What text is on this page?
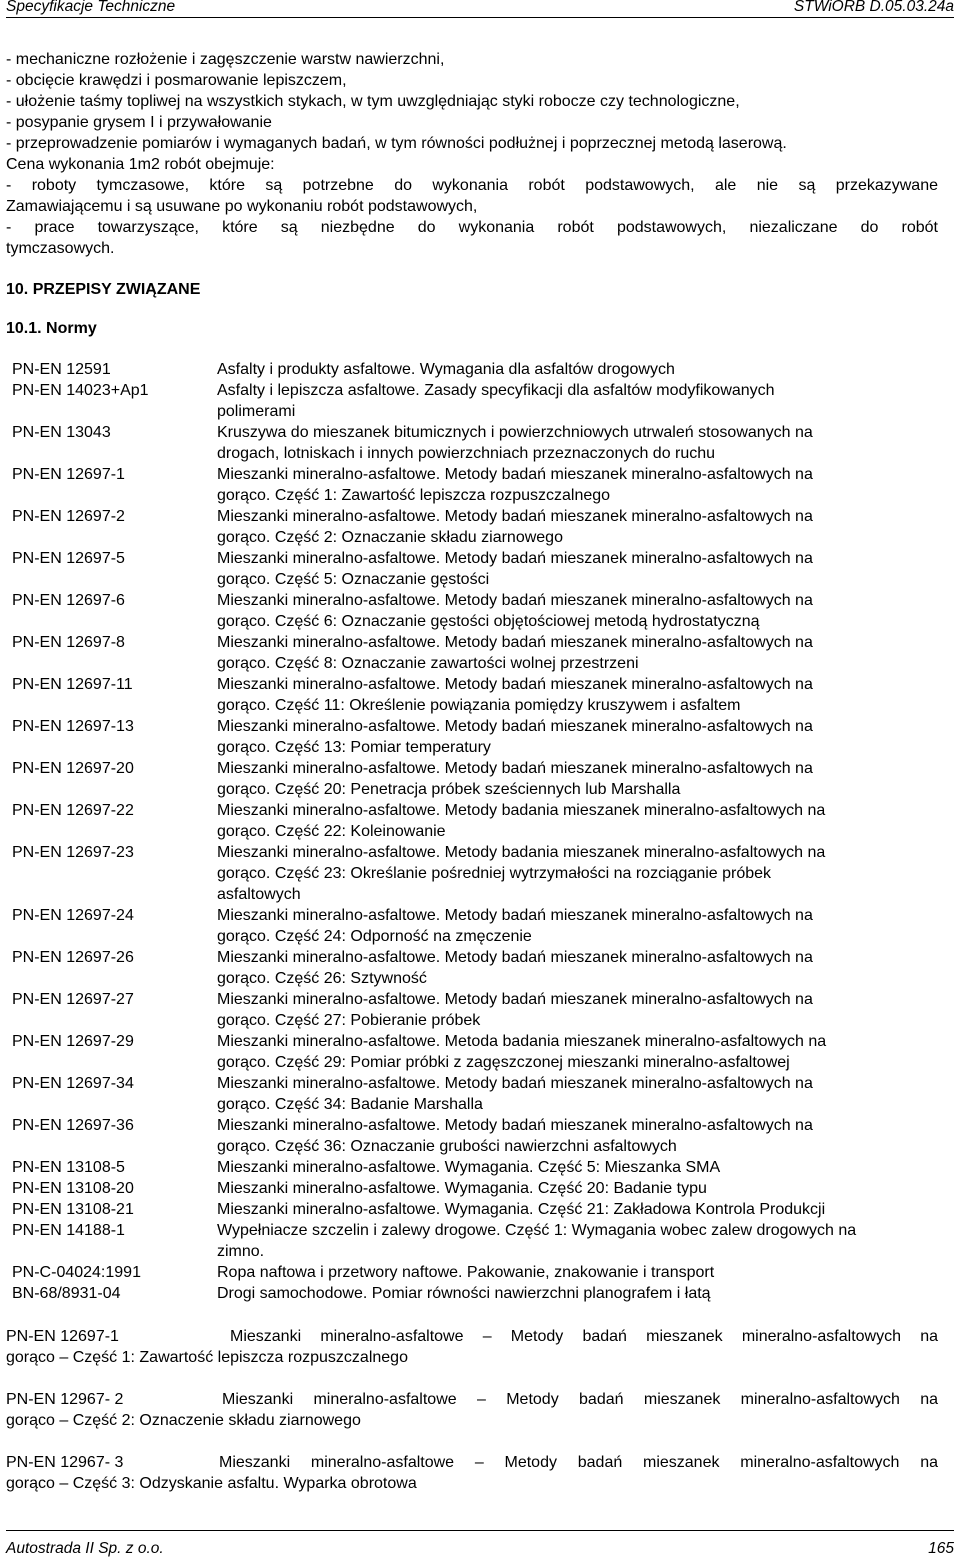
Specyfikacje Techniczne	STWiORB D.05.03.24a
- mechaniczne rozłożenie i zagęszczenie warstw nawierzchni,
- obcięcie krawędzi i posmarowanie lepiszczem,
- ułożenie taśmy topliwej na wszystkich stykach, w tym uwzględniając styki robocze czy technologiczne,
- posypanie grysem I i przywałowanie
- przeprowadzenie pomiarów i wymaganych badań, w tym równości podłużnej i poprzecznej metodą laserową.
Cena wykonania 1m2 robót obejmuje:
- roboty tymczasowe, które są potrzebne do wykonania robót podstawowych, ale nie są przekazywane
Zamawiającemu i są usuwane po wykonaniu robót podstawowych,
- prace towarzyszące, które są niezbędne do wykonania robót podstawowych, niezaliczane do robót
tymczasowych.
10. PRZEPISY ZWIĄZANE
10.1. Normy
PN-EN 12591	Asfalty i produkty asfaltowe. Wymagania dla asfaltów drogowych
PN-EN 14023+Ap1	Asfalty i lepiszcza asfaltowe. Zasady specyfikacji dla asfaltów modyfikowanych
polimerami
PN-EN 13043	Kruszywa do mieszanek bitumicznych i powierzchniowych utrwaleń stosowanych na
drogach, lotniskach i innych powierzchniach przeznaczonych do ruchu
PN-EN 12697-1	Mieszanki mineralno-asfaltowe. Metody badań mieszanek mineralno-asfaltowych na
gorąco. Część 1: Zawartość lepiszcza rozpuszczalnego
PN-EN 12697-2	Mieszanki mineralno-asfaltowe. Metody badań mieszanek mineralno-asfaltowych na
gorąco. Część 2: Oznaczanie składu ziarnowego
PN-EN 12697-5	Mieszanki mineralno-asfaltowe. Metody badań mieszanek mineralno-asfaltowych na
gorąco. Część 5: Oznaczanie gęstości
PN-EN 12697-6	Mieszanki mineralno-asfaltowe. Metody badań mieszanek mineralno-asfaltowych na
gorąco. Część 6: Oznaczanie gęstości objętościowej metodą hydrostatyczną
PN-EN 12697-8	Mieszanki mineralno-asfaltowe. Metody badań mieszanek mineralno-asfaltowych na
gorąco. Część 8: Oznaczanie zawartości wolnej przestrzeni
PN-EN 12697-11	Mieszanki mineralno-asfaltowe. Metody badań mieszanek mineralno-asfaltowych na
gorąco. Część 11: Określenie powiązania pomiędzy kruszywem i asfaltem
PN-EN 12697-13	Mieszanki mineralno-asfaltowe. Metody badań mieszanek mineralno-asfaltowych na
gorąco. Część 13: Pomiar temperatury
PN-EN 12697-20	Mieszanki mineralno-asfaltowe. Metody badań mieszanek mineralno-asfaltowych na
gorąco. Część 20: Penetracja próbek sześciennych lub Marshalla
PN-EN 12697-22	Mieszanki mineralno-asfaltowe. Metody badania mieszanek mineralno-asfaltowych na
gorąco. Część 22: Koleinowanie
PN-EN 12697-23	Mieszanki mineralno-asfaltowe. Metody badania mieszanek mineralno-asfaltowych na
gorąco. Część 23: Określanie pośredniej wytrzymałości na rozciąganie próbek
asfaltowych
PN-EN 12697-24	Mieszanki mineralno-asfaltowe. Metody badań mieszanek mineralno-asfaltowych na
gorąco. Część 24: Odporność na zmęczenie
PN-EN 12697-26	Mieszanki mineralno-asfaltowe. Metody badań mieszanek mineralno-asfaltowych na
gorąco. Część 26: Sztywność
PN-EN 12697-27	Mieszanki mineralno-asfaltowe. Metody badań mieszanek mineralno-asfaltowych na
gorąco. Część 27: Pobieranie próbek
PN-EN 12697-29	Mieszanki mineralno-asfaltowe. Metoda badania mieszanek mineralno-asfaltowych na
gorąco. Część 29: Pomiar próbki z zagęszczonej mieszanki mineralno-asfaltowej
PN-EN 12697-34	Mieszanki mineralno-asfaltowe. Metody badań mieszanek mineralno-asfaltowych na
gorąco. Część 34: Badanie Marshalla
PN-EN 12697-36	Mieszanki mineralno-asfaltowe. Metody badań mieszanek mineralno-asfaltowych na
gorąco. Część 36: Oznaczanie grubości nawierzchni asfaltowych
PN-EN 13108-5	Mieszanki mineralno-asfaltowe. Wymagania. Część 5: Mieszanka SMA
PN-EN 13108-20	Mieszanki mineralno-asfaltowe. Wymagania. Część 20: Badanie typu
PN-EN 13108-21	Mieszanki mineralno-asfaltowe. Wymagania. Część 21: Zakładowa Kontrola Produkcji
PN-EN 14188-1	Wypełniacze szczelin i zalewy drogowe. Część 1: Wymagania wobec zalew drogowych na
zimno.
PN-C-04024:1991	Ropa naftowa i przetwory naftowe. Pakowanie, znakowanie i transport
BN-68/8931-04	Drogi samochodowe. Pomiar równości nawierzchni planografem i łatą
PN-EN 12697-1	Mieszanki mineralno-asfaltowe – Metody badań mieszanek mineralno-asfaltowych na
gorąco – Część 1: Zawartość lepiszcza rozpuszczalnego
PN-EN 12967- 2	Mieszanki mineralno-asfaltowe – Metody badań mieszanek mineralno-asfaltowych na
gorąco – Część 2: Oznaczenie składu ziarnowego
PN-EN 12967- 3	Mieszanki mineralno-asfaltowe – Metody badań mieszanek mineralno-asfaltowych na
gorąco – Część 3: Odzyskanie asfaltu. Wyparka obrotowa
Autostrada II Sp. z o.o.	165
